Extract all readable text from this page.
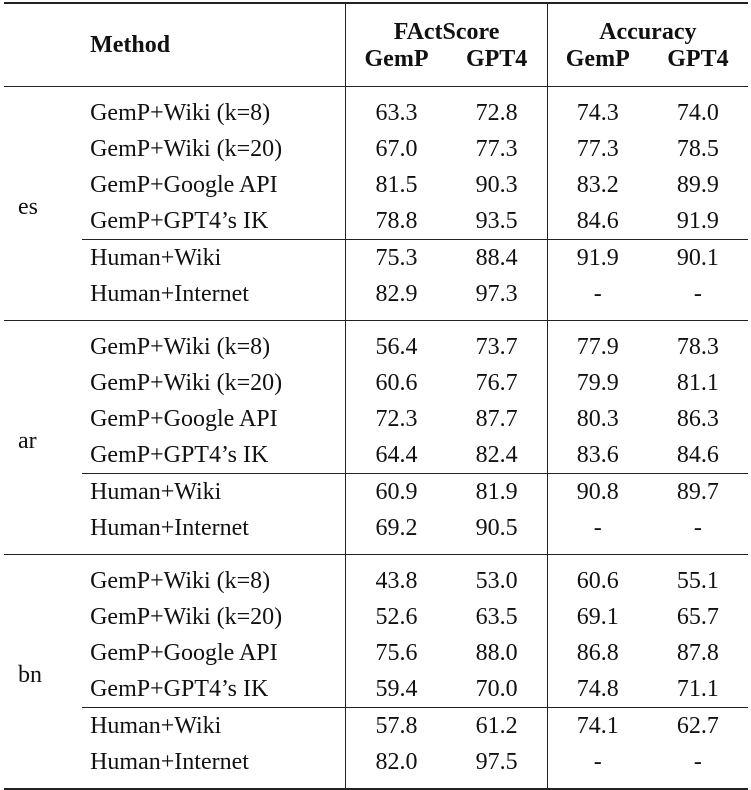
	Method	FActScore		Accuracy	
		GemP	GPT4	GemP	GPT4
es	GemP+Wiki (k=8)	63.3	72.8	74.3	74.0
	GemP+Wiki (k=20)	67.0	77.3	77.3	78.5
	GemP+Google API	81.5	90.3	83.2	89.9
	GemP+GPT4’s IK	78.8	93.5	84.6	91.9
	Human+Wiki	75.3	88.4	91.9	90.1
	Human+Internet	82.9	97.3	-	-
ar	GemP+Wiki (k=8)	56.4	73.7	77.9	78.3
	GemP+Wiki (k=20)	60.6	76.7	79.9	81.1
	GemP+Google API	72.3	87.7	80.3	86.3
	GemP+GPT4’s IK	64.4	82.4	83.6	84.6
	Human+Wiki	60.9	81.9	90.8	89.7
	Human+Internet	69.2	90.5	-	-
bn	GemP+Wiki (k=8)	43.8	53.0	60.6	55.1
	GemP+Wiki (k=20)	52.6	63.5	69.1	65.7
	GemP+Google API	75.6	88.0	86.8	87.8
	GemP+GPT4’s IK	59.4	70.0	74.8	71.1
	Human+Wiki	57.8	61.2	74.1	62.7
	Human+Internet	82.0	97.5	-	-
